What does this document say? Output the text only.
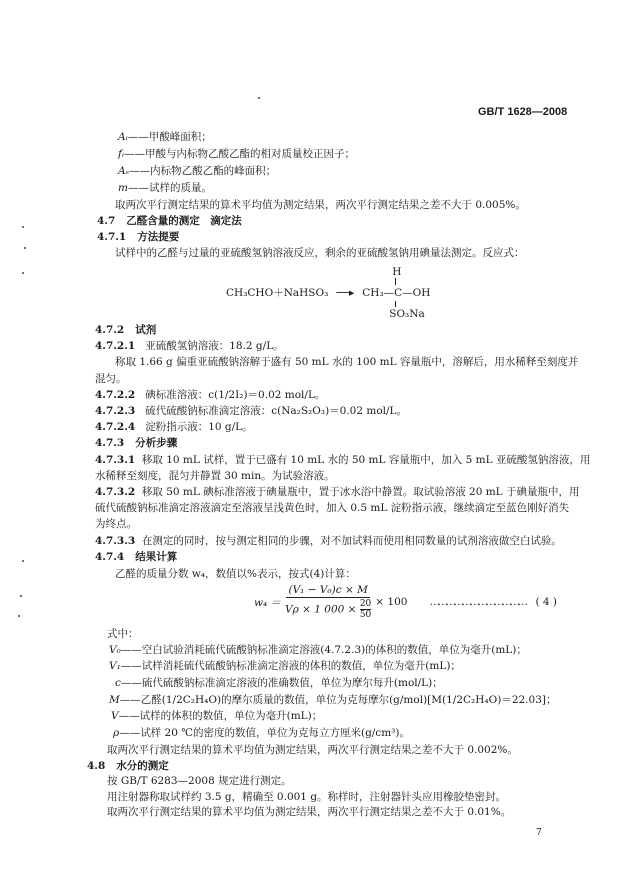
GB/T 1628—2008
Aᵢ——甲酸峰面积；
fᵢ——甲酸与内标物乙酸乙酯的相对质量校正因子；
Aₛ——内标物乙酸乙酯的峰面积；
m——试样的质量。
取两次平行测定结果的算术平均值为测定结果，两次平行测定结果之差不大于 0.005%。
4.7 乙醛含量的测定　滴定法
4.7.1 方法提要
试样中的乙醛与过量的亚硫酸氢钠溶液反应，剩余的亚硫酸氢钠用碘量法测定。反应式：
CH₃CHO＋NaHSO₃ ──▸ CH₃—C—OH
H
SO₃Na
4.7.2 试剂
4.7.2.1 亚硫酸氢钠溶液：18.2 g/L。
称取 1.66 g 偏重亚硫酸钠溶解于盛有 50 mL 水的 100 mL 容量瓶中，溶解后，用水稀释至刻度并
混匀。
4.7.2.2 碘标准溶液：c(1/2I₂)＝0.02 mol/L。
4.7.2.3 硫代硫酸钠标准滴定溶液：c(Na₂S₂O₃)＝0.02 mol/L。
4.7.2.4 淀粉指示液：10 g/L。
4.7.3 分析步骤
4.7.3.1 移取 10 mL 试样，置于已盛有 10 mL 水的 50 mL 容量瓶中，加入 5 mL 亚硫酸氢钠溶液，用
水稀释至刻度，混匀并静置 30 min。为试验溶液。
4.7.3.2 移取 50 mL 碘标准溶液于碘量瓶中，置于冰水浴中静置。取试验溶液 20 mL 于碘量瓶中，用
硫代硫酸钠标准滴定溶液滴定至溶液呈浅黄色时，加入 0.5 mL 淀粉指示液，继续滴定至蓝色刚好消失
为终点。
4.7.3.3 在测定的同时，按与测定相同的步骤，对不加试料而使用相同数量的试剂溶液做空白试验。
4.7.4 结果计算
乙醛的质量分数 w₄，数值以%表示，按式(4)计算：
$w_4 = \frac{\text{(V₁ − V₀)c × M}}{V\rho \times 1 000 \times \frac{20}{50}} \times 100$ ……………………………… ( 4 )
式中：
V₀——空白试验消耗硫代硫酸钠标准滴定溶液(4.7.2.3)的体积的数值，单位为毫升(mL)；
V₁——试样消耗硫代硫酸钠标准滴定溶液的体积的数值，单位为毫升(mL)；
c——硫代硫酸钠标准滴定溶液的准确数值，单位为摩尔每升(mol/L)；
M——乙醛(1/2C₂H₄O)的摩尔质量的数值，单位为克每摩尔(g/mol)[M(1/2C₂H₄O)＝22.03]；
V——试样的体积的数值，单位为毫升(mL)；
ρ——试样 20 ℃的密度的数值，单位为克每立方厘米(g/cm³)。
取两次平行测定结果的算术平均值为测定结果，两次平行测定结果之差不大于 0.002%。
4.8 水分的测定
按 GB/T 6283—2008 规定进行测定。
用注射器称取试样约 3.5 g，精确至 0.001 g。称样时，注射器针头应用橡胶垫密封。
取两次平行测定结果的算术平均值为测定结果，两次平行测定结果之差不大于 0.01%。
7
